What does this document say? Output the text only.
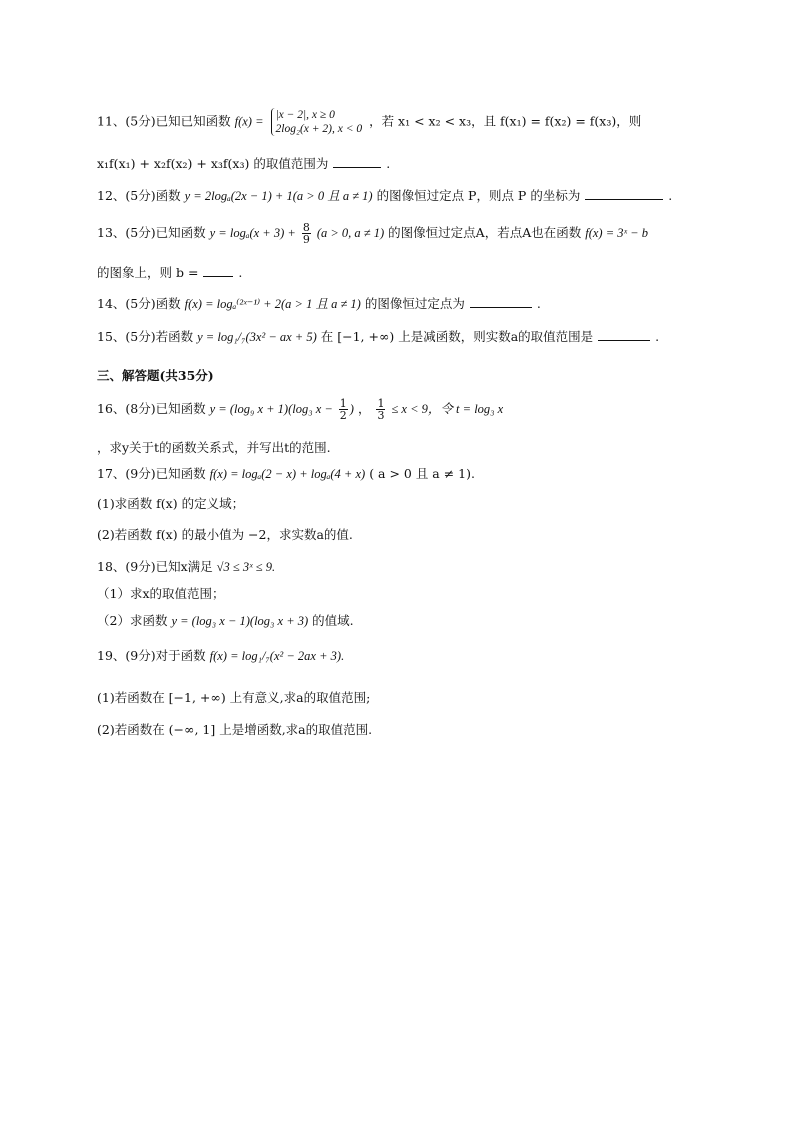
11、(5分)已知已知函数 f(x) = |x − 2|, x ≥ 0
2log₂(x + 2), x < 0
，若 x₁ < x₂ < x₃，且 f(x₁) = f(x₂) = f(x₃)，则
x₁f(x₁) + x₂f(x₂) + x₃f(x₃) 的取值范围为	.
12、(5分)函数 y = 2logₐ(2x − 1) + 1(a > 0 且 a ≠ 1) 的图像恒过定点 P，则点 P 的坐标为	.
13、(5分)已知函数 $y = \log_a(x + 3) + \frac{8}{9} (a > 0$, a ≠ 1) 的图像恒过定点A，若点A也在函数 f(x) = 3ˣ − b
的图象上，则 b =	.
14、(5分)函数 f(x) = logₐ⁽²ˣ⁻¹⁾ + 2(a > 1 且 a ≠ 1) 的图像恒过定点为	.
15、(5分)若函数 y = log₁/₇(3x² − ax + 5) 在 [−1, +∞) 上是减函数，则实数a的取值范围是	.
三、解答题(共35分)
16、(8分)已知函数 y = (log₉ x + 1)(log₃ $x - \frac{1}{2}$ ) ， $\frac{1}{3} \le x < 9$，令 t = log₃ x
，求y关于t的函数关系式，并写出t的范围.
17、(9分)已知函数 f(x) = logₐ(2 − x) + logₐ(4 + x) ( a > 0 且 a ≠ 1).
(1)求函数 f(x) 的定义域；
(2)若函数 f(x) 的最小值为 −2，求实数a的值.
18、(9分)已知x满足 √3 ≤ 3ˣ ≤ 9.
（1）求x的取值范围；
（2）求函数 y = (log₃ x − 1)(log₃ x + 3) 的值域.
19、(9分)对于函数 f(x) = log₁/₇(x² − 2ax + 3).
(1)若函数在 [−1, +∞) 上有意义,求a的取值范围;
(2)若函数在 (−∞, 1] 上是增函数,求a的取值范围.
